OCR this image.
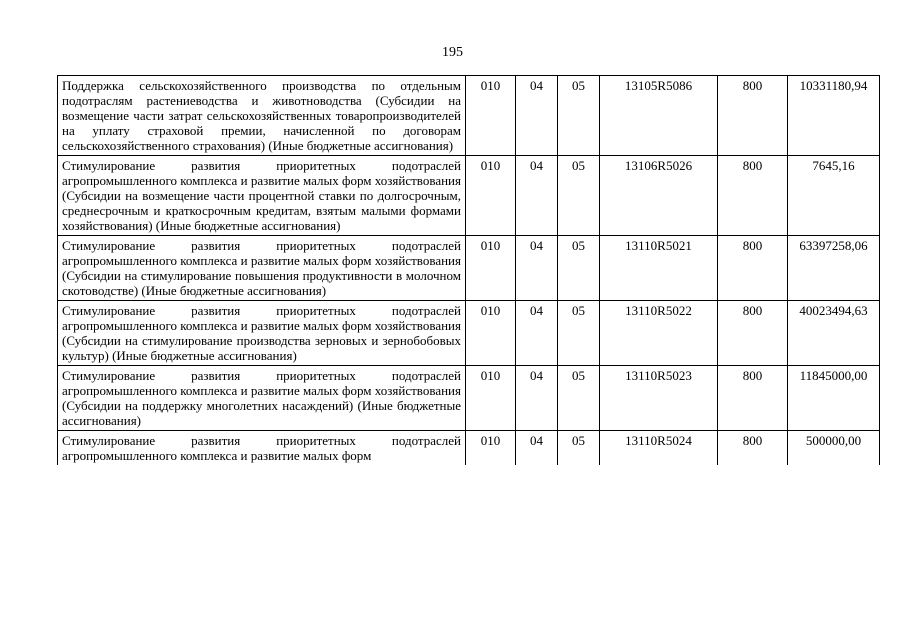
195
Поддержка сельскохозяйственного производства по отдельным подотраслям растениеводства и животноводства (Субсидии на возмещение части затрат сельскохозяйственных товаропроизводителей на уплату страховой премии, начисленной по договорам сельскохозяйственного страхования) (Иные бюджетные ассигнования)	010	04	05	13105R5086	800	10331180,94
Стимулирование развития приоритетных подотраслей агропромышленного комплекса и развитие малых форм хозяйствования (Субсидии на возмещение части процентной ставки по долгосрочным, среднесрочным и краткосрочным кредитам, взятым малыми формами хозяйствования) (Иные бюджетные ассигнования)	010	04	05	13106R5026	800	7645,16
Стимулирование развития приоритетных подотраслей агропромышленного комплекса и развитие малых форм хозяйствования (Субсидии на стимулирование повышения продуктивности в молочном скотоводстве) (Иные бюджетные ассигнования)	010	04	05	13110R5021	800	63397258,06
Стимулирование развития приоритетных подотраслей агропромышленного комплекса и развитие малых форм хозяйствования (Субсидии на стимулирование производства зерновых и зернобобовых культур) (Иные бюджетные ассигнования)	010	04	05	13110R5022	800	40023494,63
Стимулирование развития приоритетных подотраслей агропромышленного комплекса и развитие малых форм хозяйствования (Субсидии на поддержку многолетних насаждений) (Иные бюджетные ассигнования)	010	04	05	13110R5023	800	11845000,00
Стимулирование развития приоритетных подотраслей агропромышленного комплекса и развитие малых форм	010	04	05	13110R5024	800	500000,00
